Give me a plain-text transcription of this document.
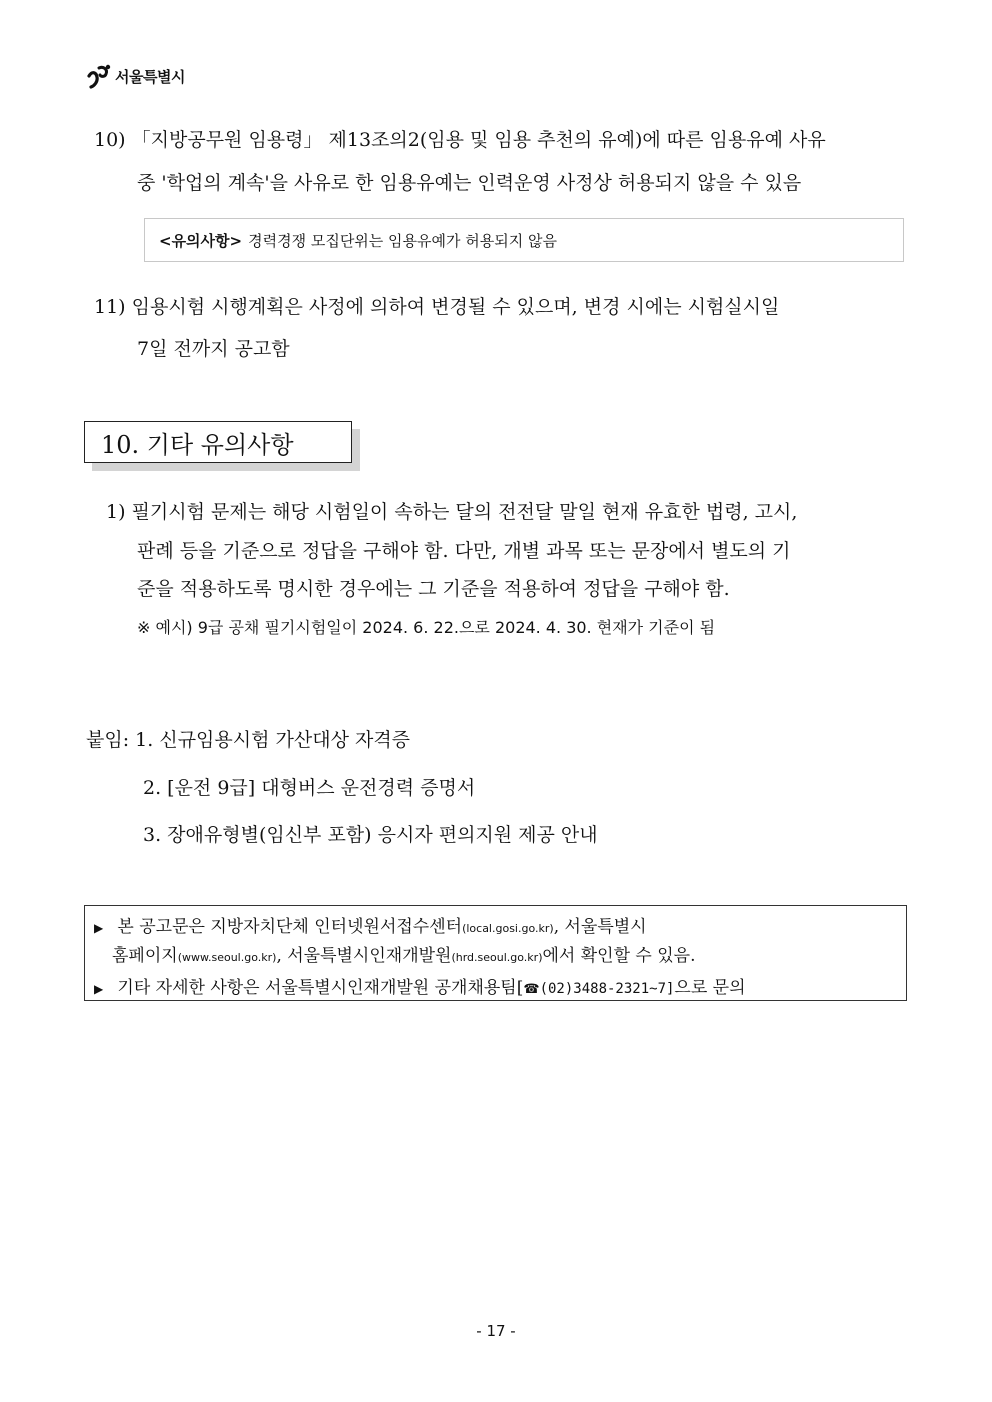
서울특별시
10) 「지방공무원 임용령」 제13조의2(임용 및 임용 추천의 유예)에 따른 임용유예 사유
중 '학업의 계속'을 사유로 한 임용유예는 인력운영 사정상 허용되지 않을 수 있음
<유의사항> 경력경쟁 모집단위는 임용유예가 허용되지 않음
11) 임용시험 시행계획은 사정에 의하여 변경될 수 있으며, 변경 시에는 시험실시일
7일 전까지 공고함
10. 기타 유의사항
1) 필기시험 문제는 해당 시험일이 속하는 달의 전전달 말일 현재 유효한 법령, 고시,
판례 등을 기준으로 정답을 구해야 함. 다만, 개별 과목 또는 문장에서 별도의 기
준을 적용하도록 명시한 경우에는 그 기준을 적용하여 정답을 구해야 함.
※ 예시) 9급 공채 필기시험일이 2024. 6. 22.으로 2024. 4. 30. 현재가 기준이 됨
붙임: 1. 신규임용시험 가산대상 자격증
2. [운전 9급] 대형버스 운전경력 증명서
3. 장애유형별(임신부 포함) 응시자 편의지원 제공 안내
▶ 본 공고문은 지방자치단체 인터넷원서접수센터(local.gosi.go.kr), 서울특별시
홈페이지(www.seoul.go.kr), 서울특별시인재개발원(hrd.seoul.go.kr)에서 확인할 수 있음.
▶ 기타 자세한 사항은 서울특별시인재개발원 공개채용팀[☎(02)3488-2321~7]으로 문의
- 17 -
